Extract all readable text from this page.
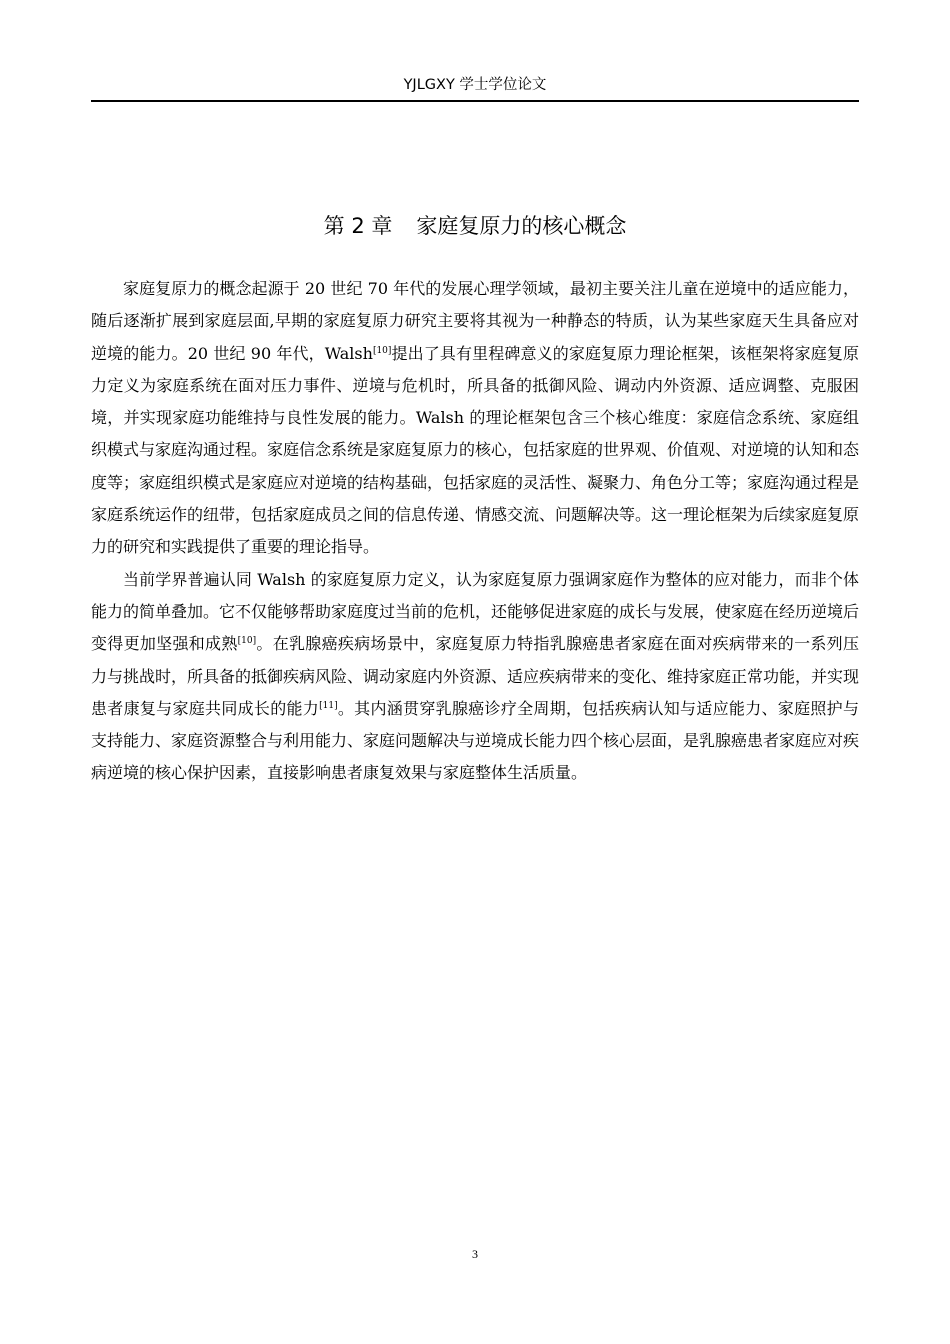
YJLGXY 学士学位论文
第 2 章 家庭复原力的核心概念

家庭复原力的概念起源于 20 世纪 70 年代的发展心理学领域，最初主要关注儿童在逆境中的适应能力，随后逐渐扩展到家庭层面,早期的家庭复原力研究主要将其视为一种静态的特质，认为某些家庭天生具备应对逆境的能力。20 世纪 90 年代，Walsh[10]提出了具有里程碑意义的家庭复原力理论框架，该框架将家庭复原力定义为家庭系统在面对压力事件、逆境与危机时，所具备的抵御风险、调动内外资源、适应调整、克服困境，并实现家庭功能维持与良性发展的能力。Walsh 的理论框架包含三个核心维度：家庭信念系统、家庭组织模式与家庭沟通过程。家庭信念系统是家庭复原力的核心，包括家庭的世界观、价值观、对逆境的认知和态度等；家庭组织模式是家庭应对逆境的结构基础，包括家庭的灵活性、凝聚力、角色分工等；家庭沟通过程是家庭系统运作的纽带，包括家庭成员之间的信息传递、情感交流、问题解决等。这一理论框架为后续家庭复原力的研究和实践提供了重要的理论指导。

当前学界普遍认同 Walsh 的家庭复原力定义，认为家庭复原力强调家庭作为整体的应对能力，而非个体能力的简单叠加。它不仅能够帮助家庭度过当前的危机，还能够促进家庭的成长与发展，使家庭在经历逆境后变得更加坚强和成熟[10]。在乳腺癌疾病场景中，家庭复原力特指乳腺癌患者家庭在面对疾病带来的一系列压力与挑战时，所具备的抵御疾病风险、调动家庭内外资源、适应疾病带来的变化、维持家庭正常功能，并实现患者康复与家庭共同成长的能力[11]。其内涵贯穿乳腺癌诊疗全周期，包括疾病认知与适应能力、家庭照护与支持能力、家庭资源整合与利用能力、家庭问题解决与逆境成长能力四个核心层面，是乳腺癌患者家庭应对疾病逆境的核心保护因素，直接影响患者康复效果与家庭整体生活质量。

3
